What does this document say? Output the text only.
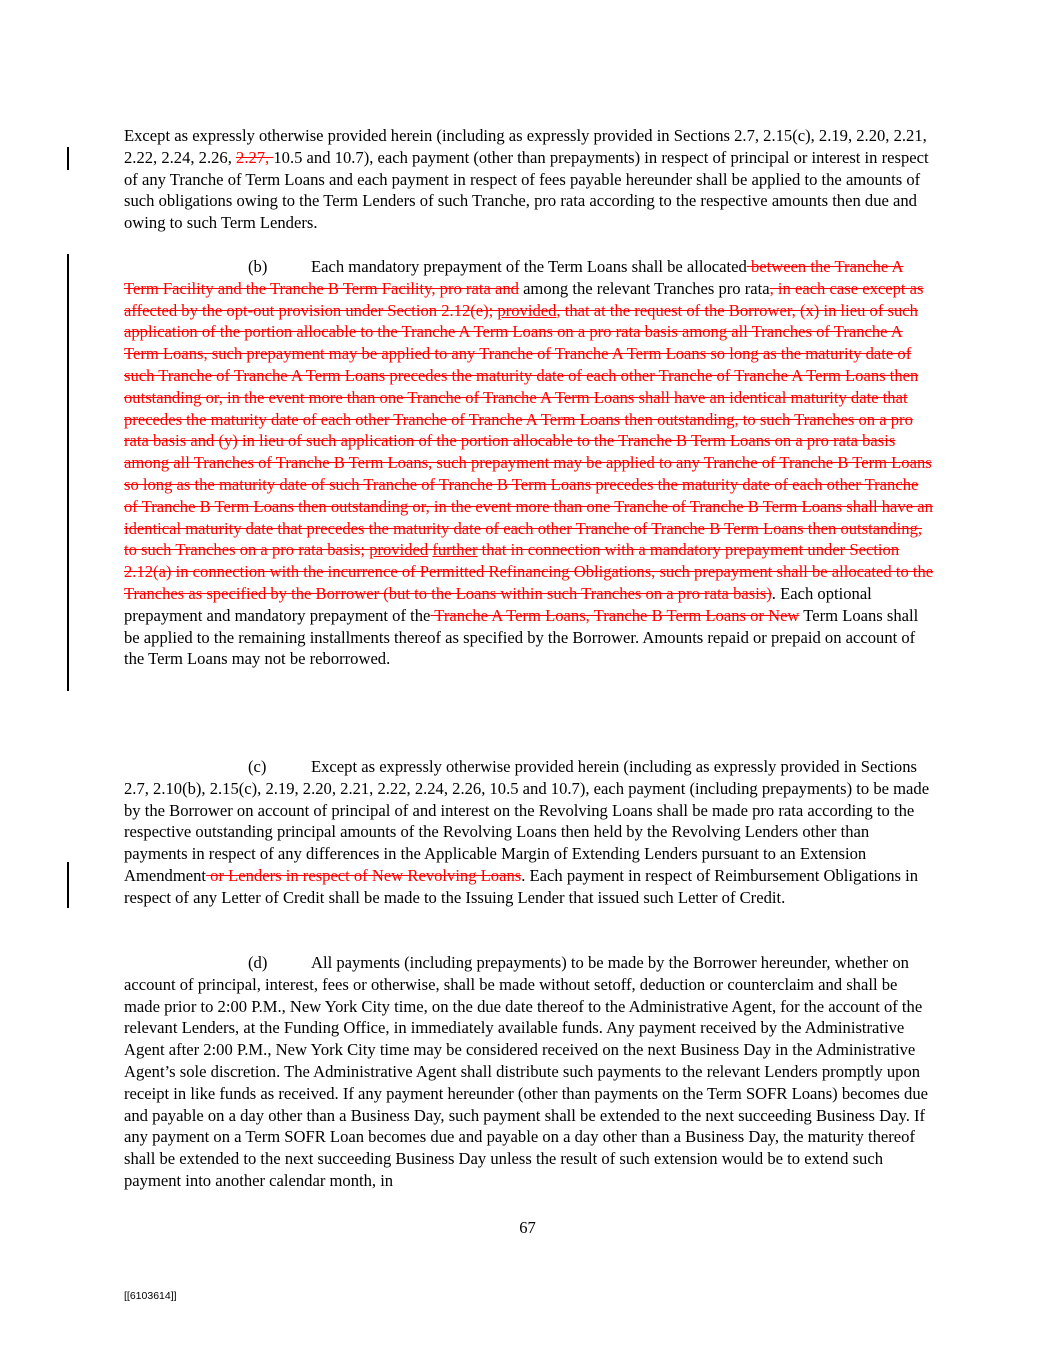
Except as expressly otherwise provided herein (including as expressly provided in Sections 2.7, 2.15(c), 2.19, 2.20, 2.21, 2.22, 2.24, 2.26, 2.27, 10.5 and 10.7), each payment (other than prepayments) in respect of principal or interest in respect of any Tranche of Term Loans and each payment in respect of fees payable hereunder shall be applied to the amounts of such obligations owing to the Term Lenders of such Tranche, pro rata according to the respective amounts then due and owing to such Term Lenders.

(b)	Each mandatory prepayment of the Term Loans shall be allocated between the Tranche A Term Facility and the Tranche B Term Facility, pro rata and among the relevant Tranches pro rata, in each case except as affected by the opt-out provision under Section 2.12(e); provided, that at the request of the Borrower, (x) in lieu of such application of the portion allocable to the Tranche A Term Loans on a pro rata basis among all Tranches of Tranche A Term Loans, such prepayment may be applied to any Tranche of Tranche A Term Loans so long as the maturity date of such Tranche of Tranche A Term Loans precedes the maturity date of each other Tranche of Tranche A Term Loans then outstanding or, in the event more than one Tranche of Tranche A Term Loans shall have an identical maturity date that precedes the maturity date of each other Tranche of Tranche A Term Loans then outstanding, to such Tranches on a pro rata basis and (y) in lieu of such application of the portion allocable to the Tranche B Term Loans on a pro rata basis among all Tranches of Tranche B Term Loans, such prepayment may be applied to any Tranche of Tranche B Term Loans so long as the maturity date of such Tranche of Tranche B Term Loans precedes the maturity date of each other Tranche of Tranche B Term Loans then outstanding or, in the event more than one Tranche of Tranche B Term Loans shall have an identical maturity date that precedes the maturity date of each other Tranche of Tranche B Term Loans then outstanding, to such Tranches on a pro rata basis; provided further that in connection with a mandatory prepayment under Section 2.12(a) in connection with the incurrence of Permitted Refinancing Obligations, such prepayment shall be allocated to the Tranches as specified by the Borrower (but to the Loans within such Tranches on a pro rata basis). Each optional prepayment and mandatory prepayment of the Tranche A Term Loans, Tranche B Term Loans or New Term Loans shall be applied to the remaining installments thereof as specified by the Borrower. Amounts repaid or prepaid on account of the Term Loans may not be reborrowed.

(c)	Except as expressly otherwise provided herein (including as expressly provided in Sections 2.7, 2.10(b), 2.15(c), 2.19, 2.20, 2.21, 2.22, 2.24, 2.26, 10.5 and 10.7), each payment (including prepayments) to be made by the Borrower on account of principal of and interest on the Revolving Loans shall be made pro rata according to the respective outstanding principal amounts of the Revolving Loans then held by the Revolving Lenders other than payments in respect of any differences in the Applicable Margin of Extending Lenders pursuant to an Extension Amendment or Lenders in respect of New Revolving Loans. Each payment in respect of Reimbursement Obligations in respect of any Letter of Credit shall be made to the Issuing Lender that issued such Letter of Credit.

(d)	All payments (including prepayments) to be made by the Borrower hereunder, whether on account of principal, interest, fees or otherwise, shall be made without setoff, deduction or counterclaim and shall be made prior to 2:00 P.M., New York City time, on the due date thereof to the Administrative Agent, for the account of the relevant Lenders, at the Funding Office, in immediately available funds. Any payment received by the Administrative Agent after 2:00 P.M., New York City time may be considered received on the next Business Day in the Administrative Agent’s sole discretion. The Administrative Agent shall distribute such payments to the relevant Lenders promptly upon receipt in like funds as received. If any payment hereunder (other than payments on the Term SOFR Loans) becomes due and payable on a day other than a Business Day, such payment shall be extended to the next succeeding Business Day. If any payment on a Term SOFR Loan becomes due and payable on a day other than a Business Day, the maturity thereof shall be extended to the next succeeding Business Day unless the result of such extension would be to extend such payment into another calendar month, in

67
[[6103614]]
